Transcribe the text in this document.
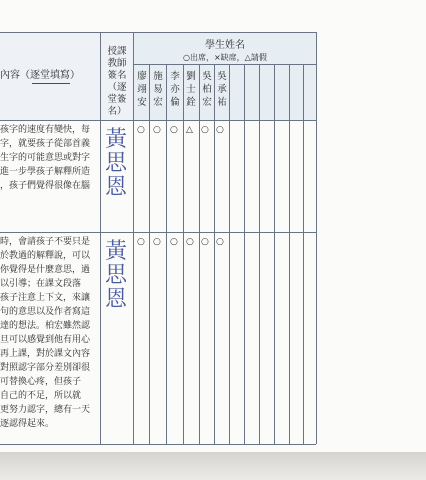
內容（逐堂填寫）
授課教師簽名（逐堂簽名）
學生姓名
○出席，×缺席，△請假
廖翊安
施易宏
李亦倫
劉士銓
吳柏宏
吳承祐
孩字的速度有變快，每
字，就要孩子從部首義
生字的可能意思或對字
進一步學孩子解釋所造
，孩子們覺得很像在腦
黃思恩
○ ○ ○ △ ○ ○
時，會請孩子不要只是
於教過的解釋說，可以
你覺得是什麼意思，過
以引導；在課文段落
孩子注意上下文，來讓
句的意思以及作者寫這
達的想法。柏宏雖然認
旦可以感覺到他有用心
再上課，對於課文內容
對照認字部分差別卻很
可替換心疼，但孩子
自己的不足，所以就
更努力認字，總有一天
逐認得起來。
黃思恩
○ ○ ○ ○ ○ ○
